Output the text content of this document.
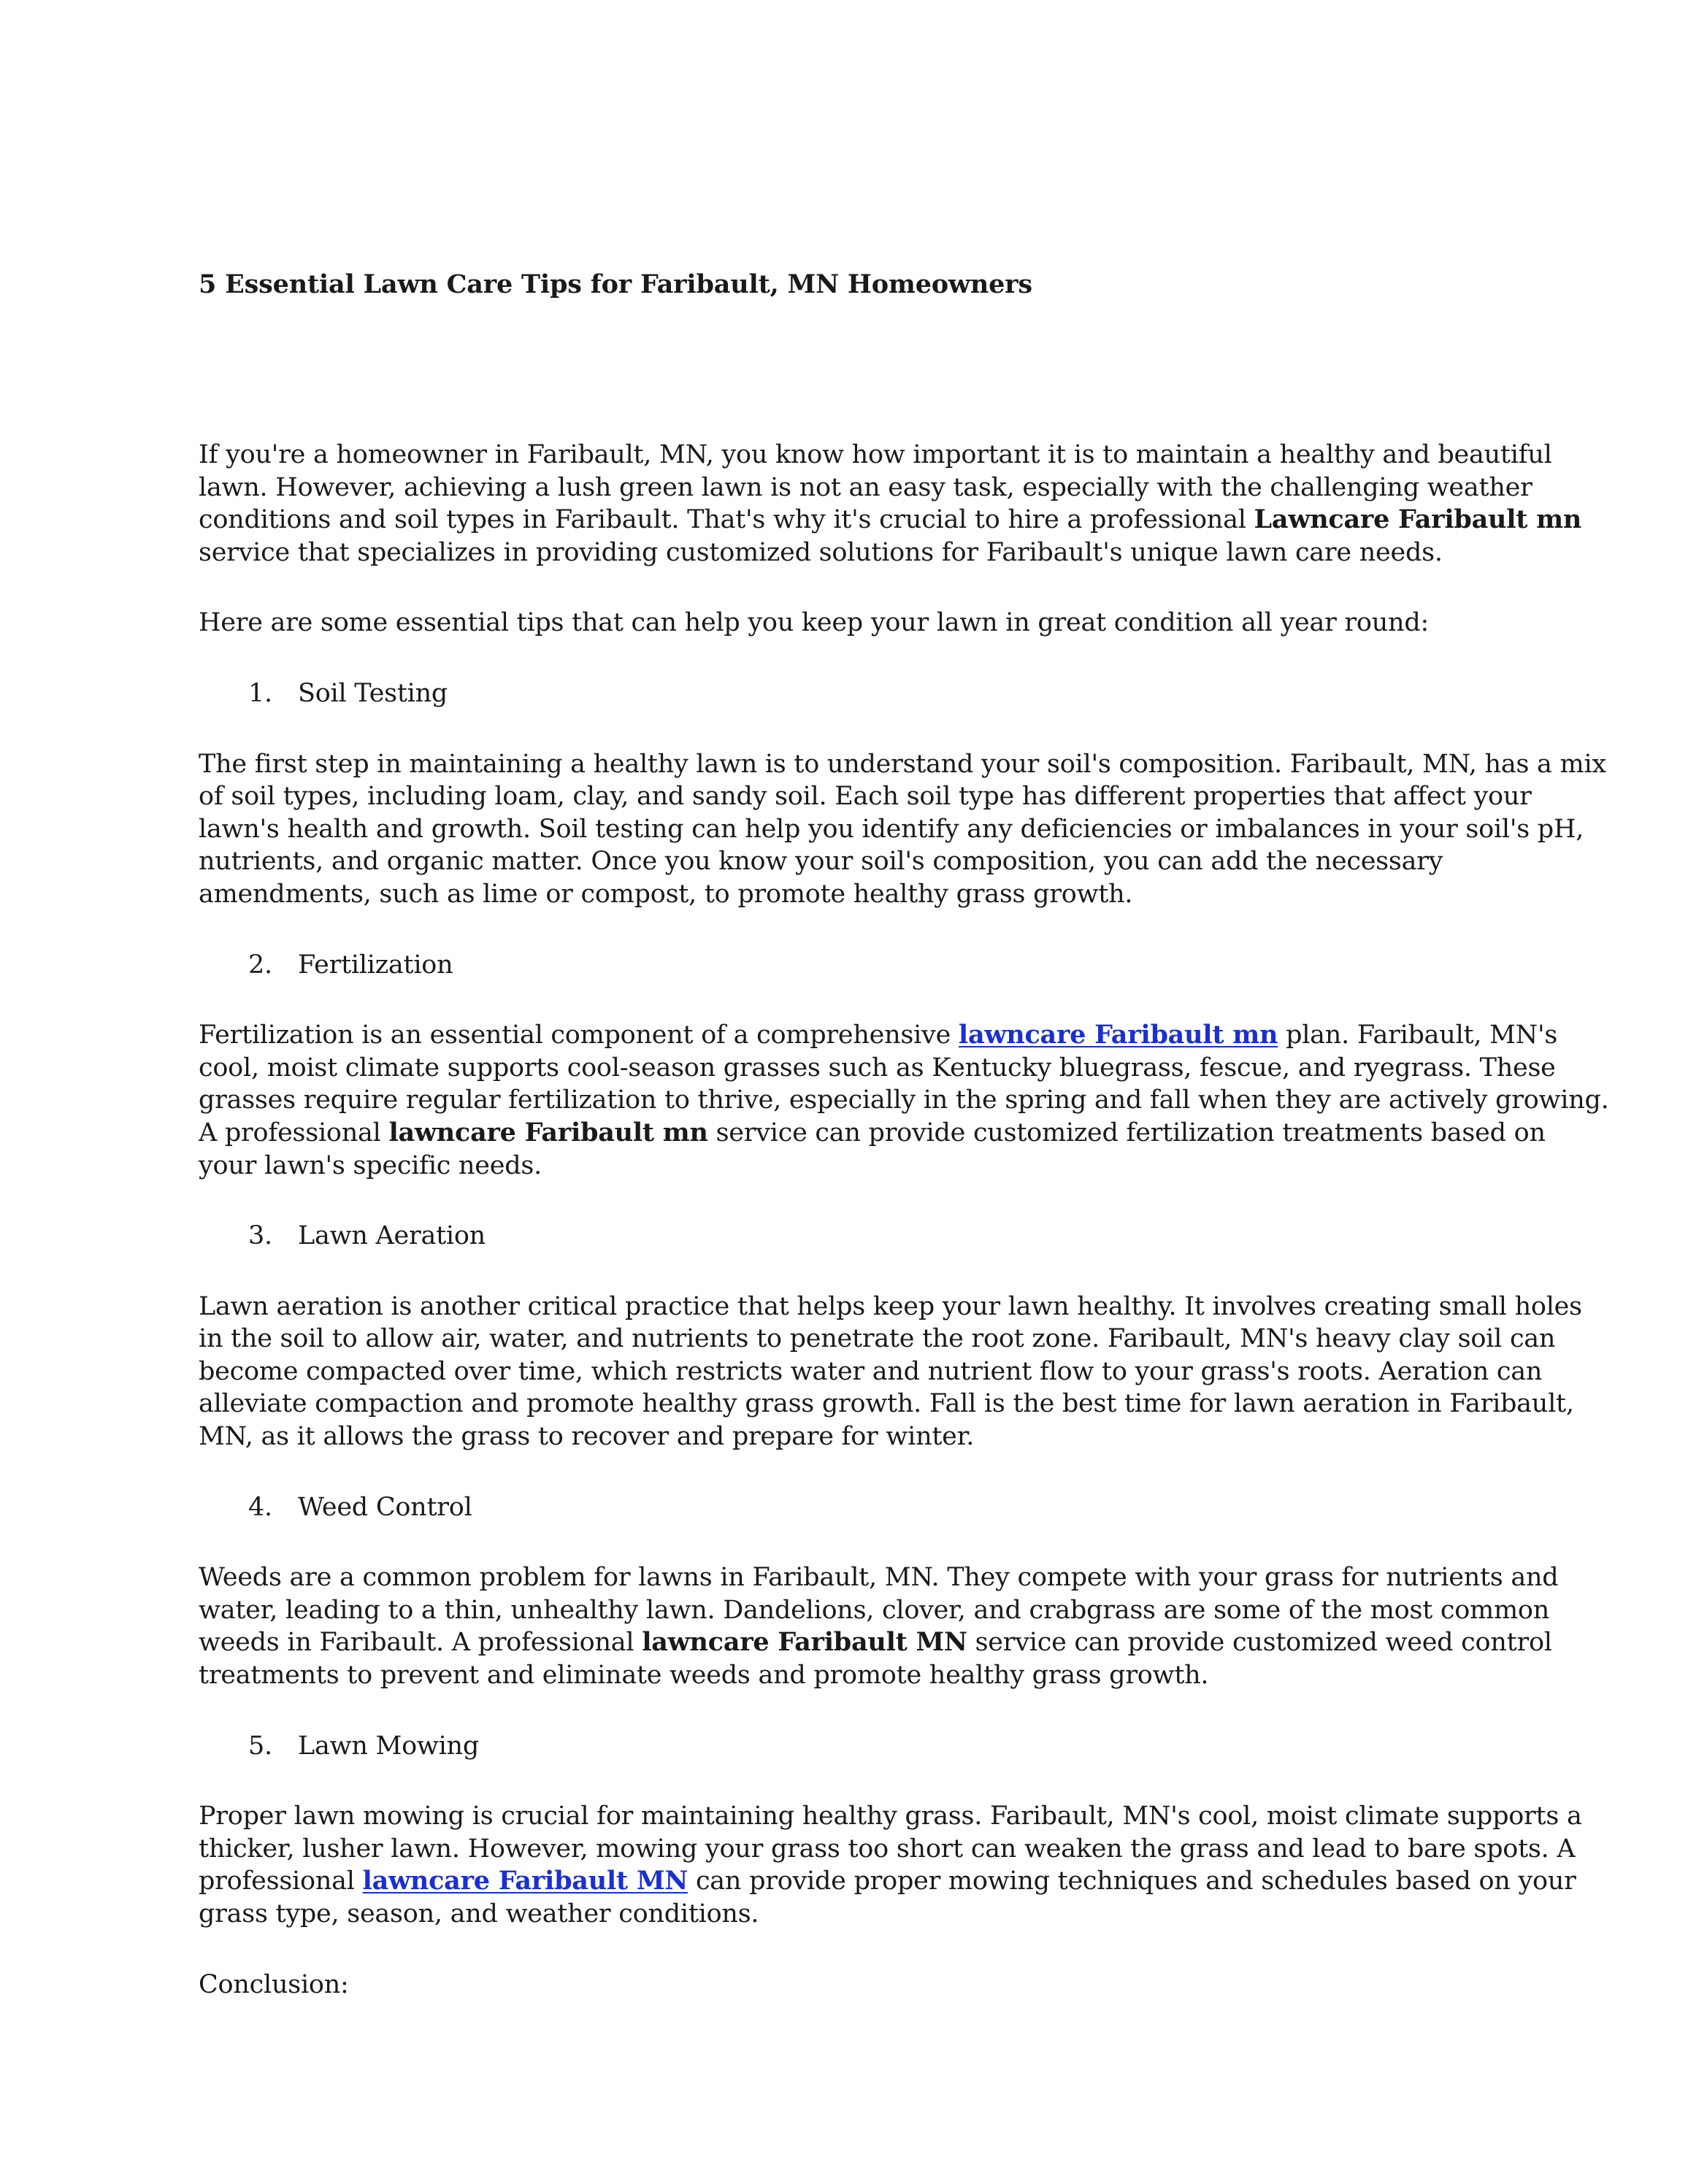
5 Essential Lawn Care Tips for Faribault, MN Homeowners

If you're a homeowner in Faribault, MN, you know how important it is to maintain a healthy and beautiful

lawn. However, achieving a lush green lawn is not an easy task, especially with the challenging weather

conditions and soil types in Faribault. That's why it's crucial to hire a professional Lawncare Faribault mn

service that specializes in providing customized solutions for Faribault's unique lawn care needs.

Here are some essential tips that can help you keep your lawn in great condition all year round:

1. Soil Testing

The first step in maintaining a healthy lawn is to understand your soil's composition. Faribault, MN, has a mix

of soil types, including loam, clay, and sandy soil. Each soil type has different properties that affect your

lawn's health and growth. Soil testing can help you identify any deficiencies or imbalances in your soil's pH,

nutrients, and organic matter. Once you know your soil's composition, you can add the necessary

amendments, such as lime or compost, to promote healthy grass growth.

2. Fertilization

Fertilization is an essential component of a comprehensive lawncare Faribault mn plan. Faribault, MN's

cool, moist climate supports cool-season grasses such as Kentucky bluegrass, fescue, and ryegrass. These

grasses require regular fertilization to thrive, especially in the spring and fall when they are actively growing.

A professional lawncare Faribault mn service can provide customized fertilization treatments based on

your lawn's specific needs.

3. Lawn Aeration

Lawn aeration is another critical practice that helps keep your lawn healthy. It involves creating small holes

in the soil to allow air, water, and nutrients to penetrate the root zone. Faribault, MN's heavy clay soil can

become compacted over time, which restricts water and nutrient flow to your grass's roots. Aeration can

alleviate compaction and promote healthy grass growth. Fall is the best time for lawn aeration in Faribault,

MN, as it allows the grass to recover and prepare for winter.

4. Weed Control

Weeds are a common problem for lawns in Faribault, MN. They compete with your grass for nutrients and

water, leading to a thin, unhealthy lawn. Dandelions, clover, and crabgrass are some of the most common

weeds in Faribault. A professional lawncare Faribault MN service can provide customized weed control

treatments to prevent and eliminate weeds and promote healthy grass growth.

5. Lawn Mowing

Proper lawn mowing is crucial for maintaining healthy grass. Faribault, MN's cool, moist climate supports a

thicker, lusher lawn. However, mowing your grass too short can weaken the grass and lead to bare spots. A

professional lawncare Faribault MN can provide proper mowing techniques and schedules based on your

grass type, season, and weather conditions.

Conclusion:
